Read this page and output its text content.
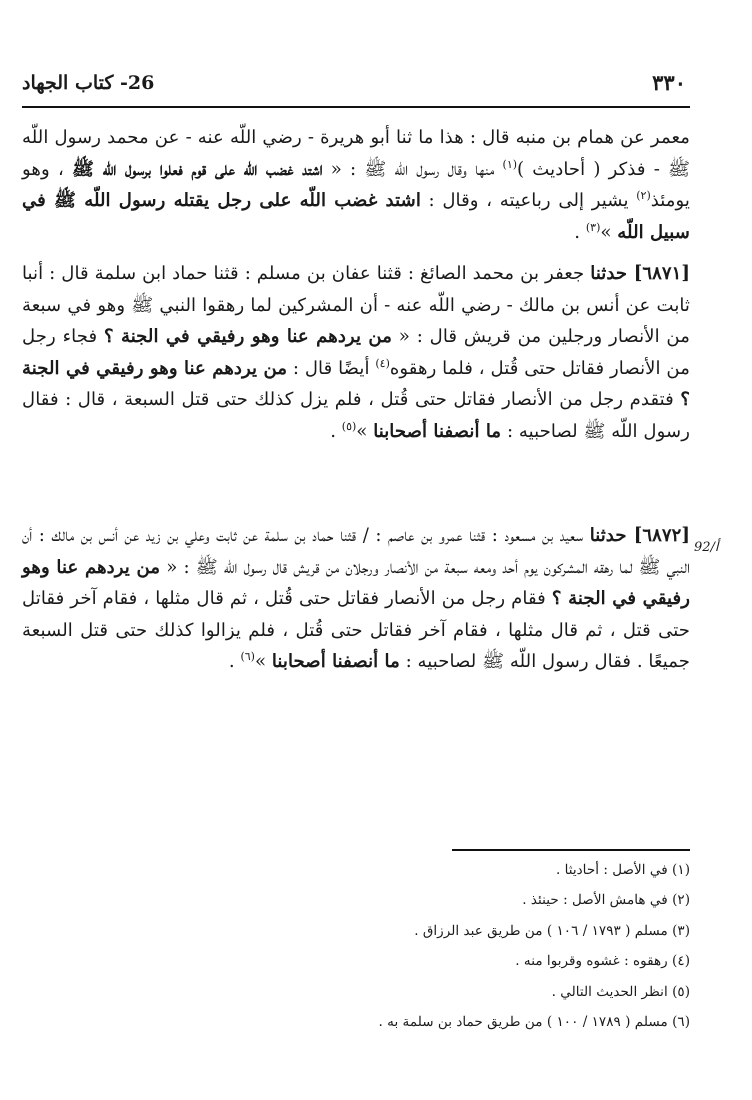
٣٣٠
26- كتاب الجهاد
أ/92

معمر عن همام بن منبه قال : هذا ما ثنا أبو هريرة - رضي اللّه عنه - عن محمد رسول اللّه ﷺ - فذكر ( أحاديث )$^{(١)}$ منها وقال رسول اللّه ﷺ : « اشتد غضب اللّه على قوم فعلوا برسول اللّه ﷺ ، وهو يومئذ$^{(٢)}$ يشير إلى رباعيته ، وقال : اشتد غضب اللّه على رجل يقتله رسول اللّه ﷺ في سبيل اللّه »$^{(٣)}$ .

[٦٨٧١] حدثنا جعفر بن محمد الصائغ : قثنا عفان بن مسلم : قثنا حماد ابن سلمة قال : أنبا ثابت عن أنس بن مالك - رضي اللّه عنه - أن المشركين لما رهقوا النبي ﷺ وهو في سبعة من الأنصار ورجلين من قريش قال : « من يردهم عنا وهو رفيقي في الجنة ؟ فجاء رجل من الأنصار فقاتل حتى قُتل ، فلما رهقوه$^{(٤)}$ أيضًا قال : من يردهم عنا وهو رفيقي في الجنة ؟ فتقدم رجل من الأنصار فقاتل حتى قُتل ، فلم يزل كذلك حتى قتل السبعة ، قال : فقال رسول اللّه ﷺ لصاحبيه : ما أنصفنا أصحابنا »$^{(٥)}$ .

[٦٨٧٢] حدثنا سعيد بن مسعود : قثنا عمرو بن عاصم : / قثنا حماد بن سلمة عن ثابت وعلي بن زيد عن أنس بن مالك : أن النبي ﷺ لما رهقه المشركون يوم أحد ومعه سبعة من الأنصار ورجلان من قريش قال رسول اللّه ﷺ : « من يردهم عنا وهو رفيقي في الجنة ؟ فقام رجل من الأنصار فقاتل حتى قُتل ، ثم قال مثلها ، فقام آخر فقاتل حتى قتل ، ثم قال مثلها ، فقام آخر فقاتل حتى قُتل ، فلم يزالوا كذلك حتى قتل السبعة جميعًا . فقال رسول اللّه ﷺ لصاحبيه : ما أنصفنا أصحابنا »$^{(٦)}$ .

(١) في الأصل : أحاديثا .
(٢) في هامش الأصل : حينئذ .
(٣) مسلم ( ١٧٩٣ / ١٠٦ ) من طريق عبد الرزاق .
(٤) رهقوه : غشوه وقربوا منه .
(٥) انظر الحديث التالي .
(٦) مسلم ( ١٧٨٩ / ١٠٠ ) من طريق حماد بن سلمة به .
